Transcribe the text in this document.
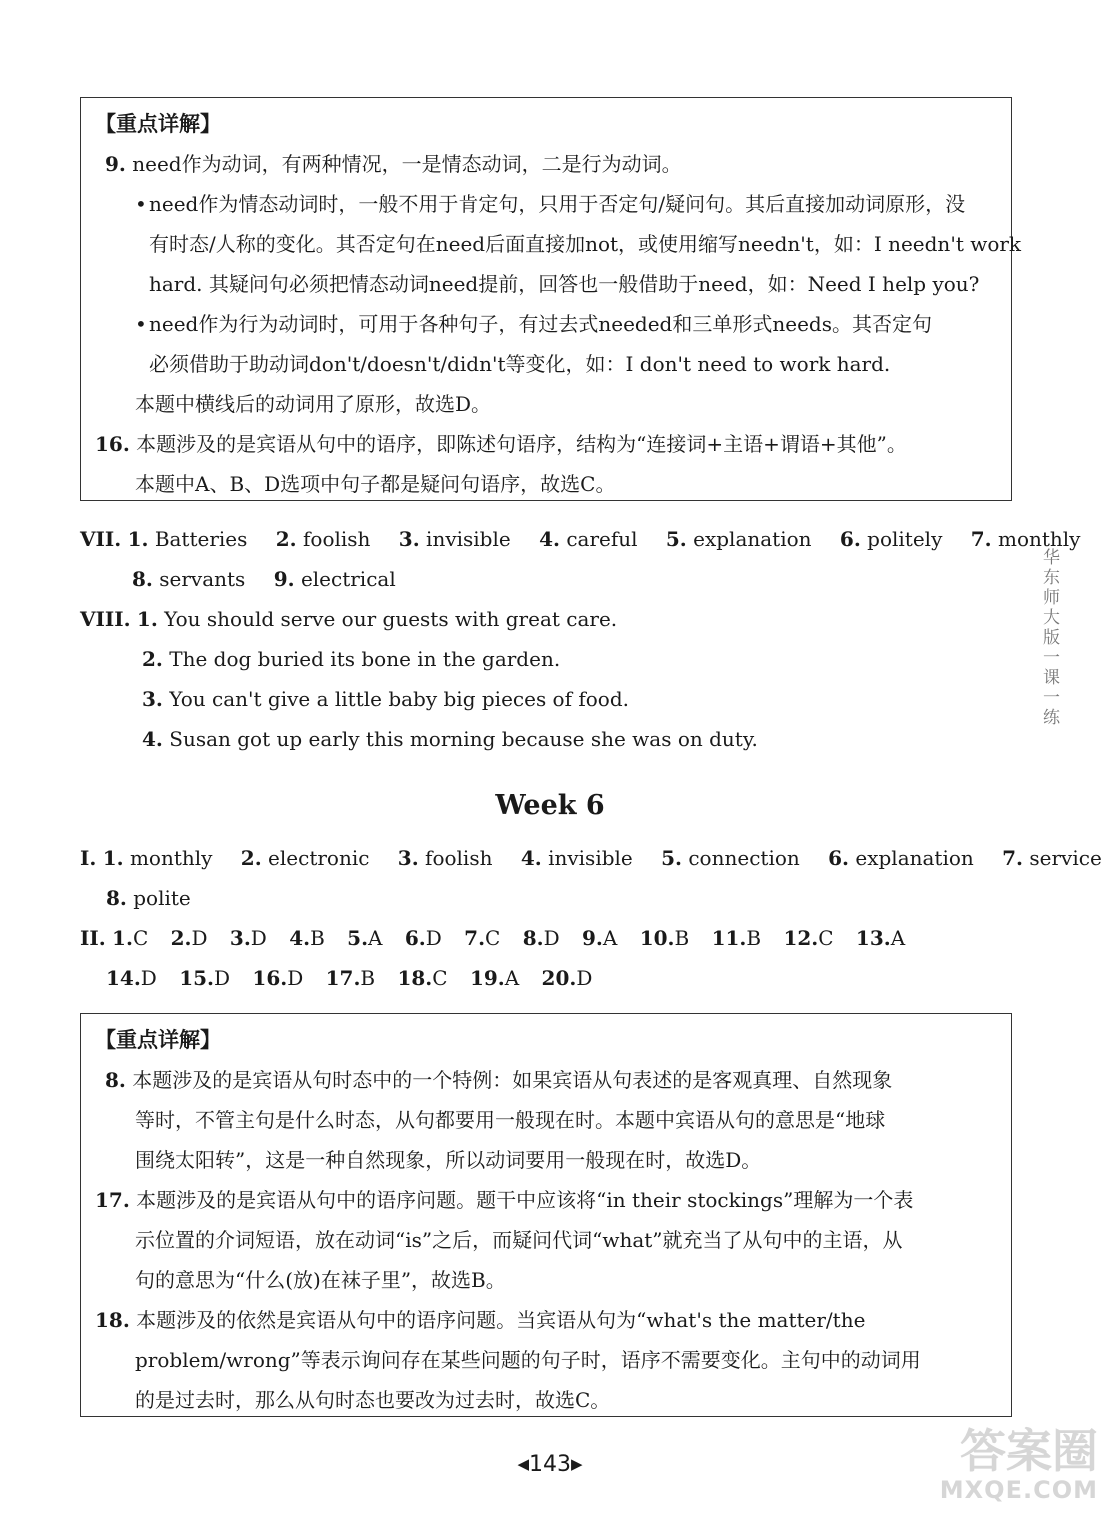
【重点详解】
9. need作为动词，有两种情况，一是情态动词，二是行为动词。
• need作为情态动词时，一般不用于肯定句，只用于否定句/疑问句。其后直接加动词原形，没
有时态/人称的变化。其否定句在need后面直接加not，或使用缩写needn't，如：I needn't work
hard. 其疑问句必须把情态动词need提前，回答也一般借助于need，如：Need I help you?
• need作为行为动词时，可用于各种句子，有过去式needed和三单形式needs。其否定句
必须借助于助动词don't/doesn't/didn't等变化，如：I don't need to work hard.
本题中横线后的动词用了原形，故选D。
16. 本题涉及的是宾语从句中的语序，即陈述句语序，结构为“连接词+主语+谓语+其他”。
本题中A、B、D选项中句子都是疑问句语序，故选C。
VII. 1. Batteries 2. foolish 3. invisible 4. careful 5. explanation 6. politely 7. monthly
8. servants 9. electrical
VIII. 1. You should serve our guests with great care.
2. The dog buried its bone in the garden.
3. You can't give a little baby big pieces of food.
4. Susan got up early this morning because she was on duty.
Week 6
I. 1. monthly 2. electronic 3. foolish 4. invisible 5. connection 6. explanation 7. service
8. polite
II. 1.C 2.D 3.D 4.B 5.A 6.D 7.C 8.D 9.A 10.B 11.B 12.C 13.A
14.D 15.D 16.D 17.B 18.C 19.A 20.D
【重点详解】
8. 本题涉及的是宾语从句时态中的一个特例：如果宾语从句表述的是客观真理、自然现象
等时，不管主句是什么时态，从句都要用一般现在时。本题中宾语从句的意思是“地球
围绕太阳转”，这是一种自然现象，所以动词要用一般现在时，故选D。
17. 本题涉及的是宾语从句中的语序问题。题干中应该将“in their stockings”理解为一个表
示位置的介词短语，放在动词“is”之后，而疑问代词“what”就充当了从句中的主语，从
句的意思为“什么(放)在袜子里”，故选B。
18. 本题涉及的依然是宾语从句中的语序问题。当宾语从句为“what's the matter/the
problem/wrong”等表示询问存在某些问题的句子时，语序不需要变化。主句中的动词用
的是过去时，那么从句时态也要改为过去时，故选C。
华东师大版一课一练
◀143▶	答案圈
MXQE.COM
